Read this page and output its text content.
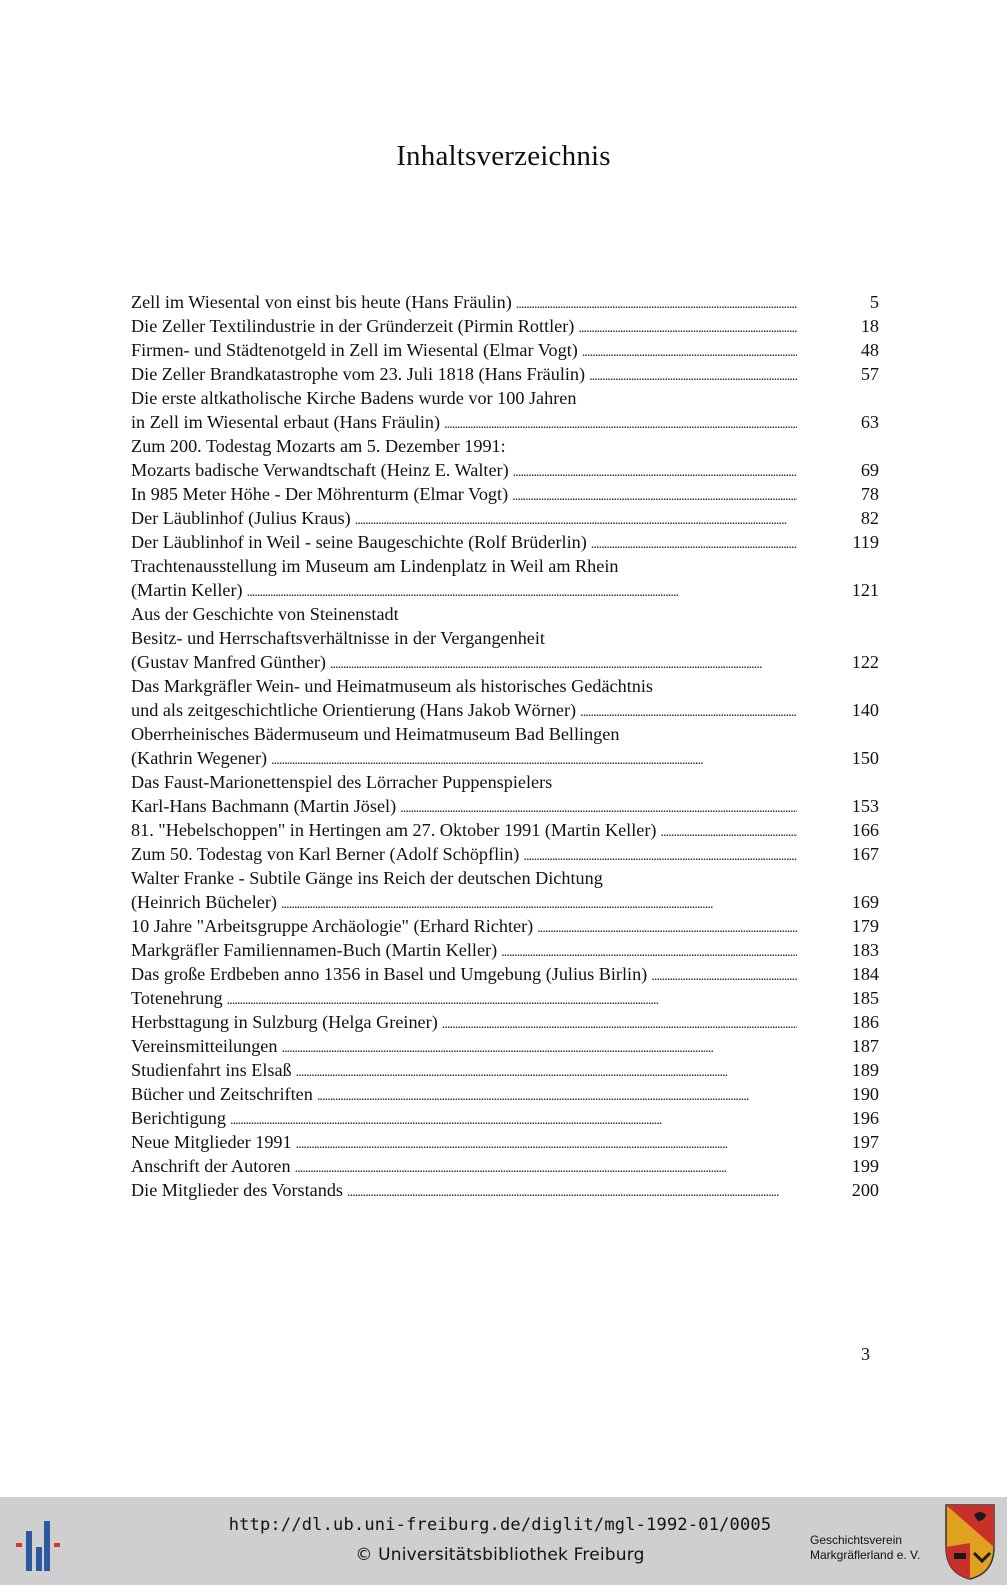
Inhaltsverzeichnis
Zell im Wiesental von einst bis heute (Hans Fräulin) . . .	5
Die Zeller Textilindustrie in der Gründerzeit (Pirmin Rottler) . . .	18
Firmen- und Städtenotgeld in Zell im Wiesental (Elmar Vogt) . . .	48
Die Zeller Brandkatastrophe vom 23. Juli 1818 (Hans Fräulin) . . .	57
Die erste altkatholische Kirche Badens wurde vor 100 Jahren
in Zell im Wiesental erbaut (Hans Fräulin) . . .	63
Zum 200. Todestag Mozarts am 5. Dezember 1991:
Mozarts badische Verwandtschaft (Heinz E. Walter) . . .	69
In 985 Meter Höhe - Der Möhrenturm (Elmar Vogt) . . .	78
Der Läublinhof (Julius Kraus) . . .	82
Der Läublinhof in Weil - seine Baugeschichte (Rolf Brüderlin) . . .	119
Trachtenausstellung im Museum am Lindenplatz in Weil am Rhein
(Martin Keller) . . .	121
Aus der Geschichte von Steinenstadt
Besitz- und Herrschaftsverhältnisse in der Vergangenheit
(Gustav Manfred Günther) . . .	122
Das Markgräfler Wein- und Heimatmuseum als historisches Gedächtnis
und als zeitgeschichtliche Orientierung (Hans Jakob Wörner) . . .	140
Oberrheinisches Bädermuseum und Heimatmuseum Bad Bellingen
(Kathrin Wegener) . . .	150
Das Faust-Marionettenspiel des Lörracher Puppenspielers
Karl-Hans Bachmann (Martin Jösel) . . .	153
81. "Hebelschoppen" in Hertingen am 27. Oktober 1991 (Martin Keller) . . .	166
Zum 50. Todestag von Karl Berner (Adolf Schöpflin) . . .	167
Walter Franke - Subtile Gänge ins Reich der deutschen Dichtung
(Heinrich Bücheler) . . .	169
10 Jahre "Arbeitsgruppe Archäologie" (Erhard Richter) . . .	179
Markgräfler Familiennamen-Buch (Martin Keller) . . .	183
Das große Erdbeben anno 1356 in Basel und Umgebung (Julius Birlin) . . .	184
Totenehrung . . .	185
Herbsttagung in Sulzburg (Helga Greiner) . . .	186
Vereinsmitteilungen . . .	187
Studienfahrt ins Elsaß . . .	189
Bücher und Zeitschriften . . .	190
Berichtigung . . .	196
Neue Mitglieder 1991 . . .	197
Anschrift der Autoren . . .	199
Die Mitglieder des Vorstands . . .	200
3
http://dl.ub.uni-freiburg.de/diglit/mgl-1992-01/0005
© Universitätsbibliothek Freiburg
Geschichtsverein
Markgräflerland e. V.
